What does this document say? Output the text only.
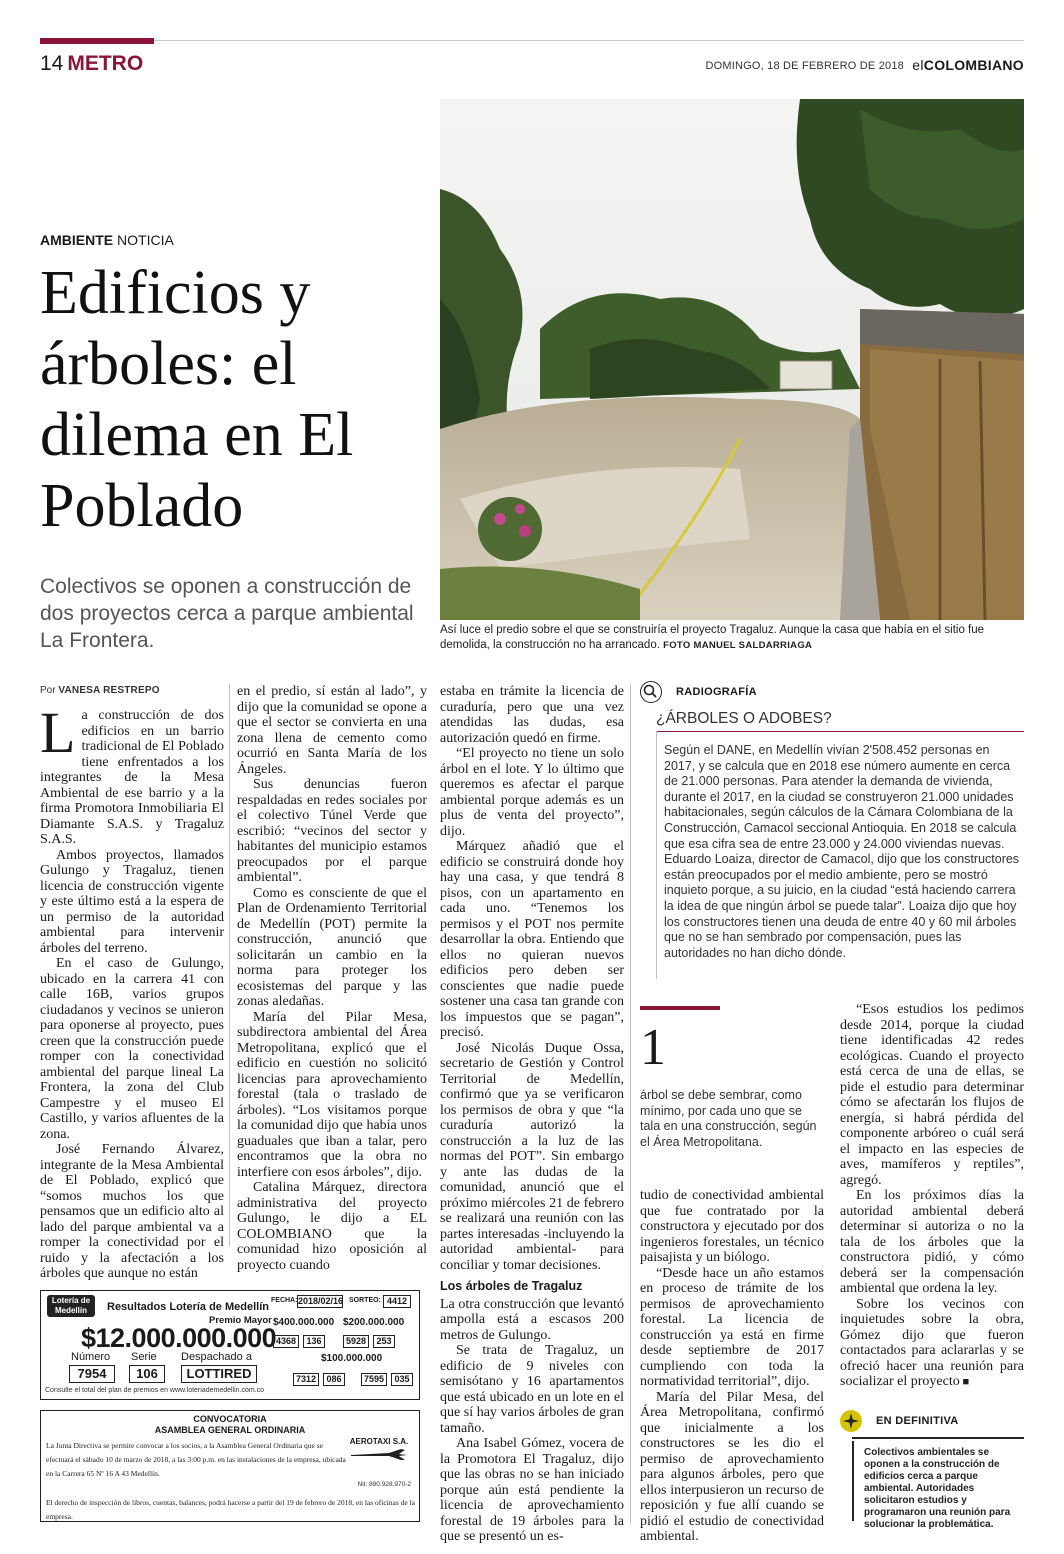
14 METRO	DOMINGO, 18 DE FEBRERO DE 2018 elCOLOMBIANO
AMBIENTE NOTICIA
Edificios y árboles: el dilema en El Poblado
Colectivos se oponen a construcción de dos proyectos cerca a parque ambiental La Frontera.	Así luce el predio sobre el que se construiría el proyecto Tragaluz. Aunque la casa que había en el sitio fue demolida, la construcción no ha arrancado. FOTO MANUEL SALDARRIAGA
Por VANESA RESTREPO

La construcción de dos edificios en un barrio tradicional de El Poblado tiene enfrentados a los integrantes de la Mesa Ambiental de ese barrio y a la firma Promotora Inmobiliaria El Diamante S.A.S. y Tragaluz S.A.S.

Ambos proyectos, llamados Gulungo y Tragaluz, tienen licencia de construcción vigente y este último está a la espera de un permiso de la autoridad ambiental para intervenir árboles del terreno.

En el caso de Gulungo, ubicado en la carrera 41 con calle 16B, varios grupos ciudadanos y vecinos se unieron para oponerse al proyecto, pues creen que la construcción puede romper con la conectividad ambiental del parque lineal La Frontera, la zona del Club Campestre y el museo El Castillo, y varios afluentes de la zona.

José Fernando Álvarez, integrante de la Mesa Ambiental de El Poblado, explicó que “somos muchos los que pensamos que un edificio alto al lado del parque ambiental va a romper la conectividad por el ruido y la afectación a los árboles que aunque no están

en el predio, sí están al lado”, y dijo que la comunidad se opone a que el sector se convierta en una zona llena de cemento como ocurrió en Santa María de los Ángeles.

Sus denuncias fueron respaldadas en redes sociales por el colectivo Túnel Verde que escribió: “vecinos del sector y habitantes del municipio estamos preocupados por el parque ambiental”.

Como es consciente de que el Plan de Ordenamiento Territorial de Medellín (POT) permite la construcción, anunció que solicitarán un cambio en la norma para proteger los ecosistemas del parque y las zonas aledañas.

María del Pilar Mesa, subdirectora ambiental del Área Metropolitana, explicó que el edificio en cuestión no solicitó licencias para aprovechamiento forestal (tala o traslado de árboles). “Los visitamos porque la comunidad dijo que había unos guaduales que iban a talar, pero encontramos que la obra no interfiere con esos árboles”, dijo.

Catalina Márquez, directora administrativa del proyecto Gulungo, le dijo a EL COLOMBIANO que la comunidad hizo oposición al proyecto cuando

estaba en trámite la licencia de curaduría, pero que una vez atendidas las dudas, esa autorización quedó en firme.

“El proyecto no tiene un solo árbol en el lote. Y lo último que queremos es afectar el parque ambiental porque además es un plus de venta del proyecto”, dijo.

Márquez añadió que el edificio se construirá donde hoy hay una casa, y que tendrá 8 pisos, con un apartamento en cada uno. “Tenemos los permisos y el POT nos permite desarrollar la obra. Entiendo que ellos no quieran nuevos edificios pero deben ser conscientes que nadie puede sostener una casa tan grande con los impuestos que se pagan”, precisó.

José Nicolás Duque Ossa, secretario de Gestión y Control Territorial de Medellín, confirmó que ya se verificaron los permisos de obra y que “la curaduría autorizó la construcción a la luz de las normas del POT”. Sin embargo y ante las dudas de la comunidad, anunció que el próximo miércoles 21 de febrero se realizará una reunión con las partes interesadas -incluyendo la autoridad ambiental- para conciliar y tomar decisiones.

Los árboles de Tragaluz

La otra construcción que levantó ampolla está a escasos 200 metros de Gulungo.

Se trata de Tragaluz, un edificio de 9 niveles con semisótano y 16 apartamentos que está ubicado en un lote en el que sí hay varios árboles de gran tamaño.

Ana Isabel Gómez, vocera de la Promotora El Tragaluz, dijo que las obras no se han iniciado porque aún está pendiente la licencia de aprovechamiento forestal de 19 árboles para la que se presentó un es-

RADIOGRAFÍA
¿ÁRBOLES O ADOBES?
Según el DANE, en Medellín vivían 2'508.452 personas en 2017, y se calcula que en 2018 ese número aumente en cerca de 21.000 personas. Para atender la demanda de vivienda, durante el 2017, en la ciudad se construyeron 21.000 unidades habitacionales, según cálculos de la Cámara Colombiana de la Construcción, Camacol seccional Antioquia. En 2018 se calcula que esa cifra sea de entre 23.000 y 24.000 viviendas nuevas. Eduardo Loaiza, director de Camacol, dijo que los constructores están preocupados por el medio ambiente, pero se mostró inquieto porque, a su juicio, en la ciudad “está haciendo carrera la idea de que ningún árbol se puede talar”. Loaiza dijo que hoy los constructores tienen una deuda de entre 40 y 60 mil árboles que no se han sembrado por compensación, pues las autoridades no han dicho dónde.
1
árbol se debe sembrar, como mínimo, por cada uno que se tala en una construcción, según el Área Metropolitana.

tudio de conectividad ambiental que fue contratado por la constructora y ejecutado por dos ingenieros forestales, un técnico paisajista y un biólogo.

“Desde hace un año estamos en proceso de trámite de los permisos de aprovechamiento forestal. La licencia de construcción ya está en firme desde septiembre de 2017 cumpliendo con toda la normatividad territorial”, dijo.

María del Pilar Mesa, del Área Metropolitana, confirmó que inicialmente a los constructores se les dio el permiso de aprovechamiento para algunos árboles, pero que ellos interpusieron un recurso de reposición y fue allí cuando se pidió el estudio de conectividad ambiental.

“Esos estudios los pedimos desde 2014, porque la ciudad tiene identificadas 42 redes ecológicas. Cuando el proyecto está cerca de una de ellas, se pide el estudio para determinar cómo se afectarán los flujos de energía, si habrá pérdida del componente arbóreo o cuál será el impacto en las especies de aves, mamíferos y reptiles”, agregó.

En los próximos días la autoridad ambiental deberá determinar si autoriza o no la tala de los árboles que la constructora pidió, y cómo deberá ser la compensación ambiental que ordena la ley.

Sobre los vecinos con inquietudes sobre la obra, Gómez dijo que fueron contactados para aclararlas y se ofreció hacer una reunión para socializar el proyecto ■

EN DEFINITIVA
Colectivos ambientales se oponen a la construcción de edificios cerca a parque ambiental. Autoridades solicitaron estudios y programaron una reunión para solucionar la problemática.
Lotería de Medellín	Resultados Lotería de Medellín
Premio Mayor
$12.000.000.000
Número Serie Despachado a
7954	106	LOTTIRED
Consulte el total del plan de premios en www.loteriademedellin.com.co
FECHA: 2018/02/16 SORTEO: 4412
$400.000.000
4368	136
$200.000.000
5928	253
$100.000.000
7312	086	7595	035
CONVOCATORIA
ASAMBLEA GENERAL ORDINARIA
La Junta Directiva se permite convocar a los socios, a la Asamblea General Ordinaria que se efectuará el sábado 10 de marzo de 2018, a las 3:00 p.m. en las instalaciones de la empresa, ubicada en la Carrera 65 Nº 16 A 43 Medellín.
El derecho de inspección de libros, cuentas, balances, podrá hacerse a partir del 19 de febrero de 2018, en las oficinas de la empresa.
AEROTAXI S.A.
Nit: 890.928.970-2
